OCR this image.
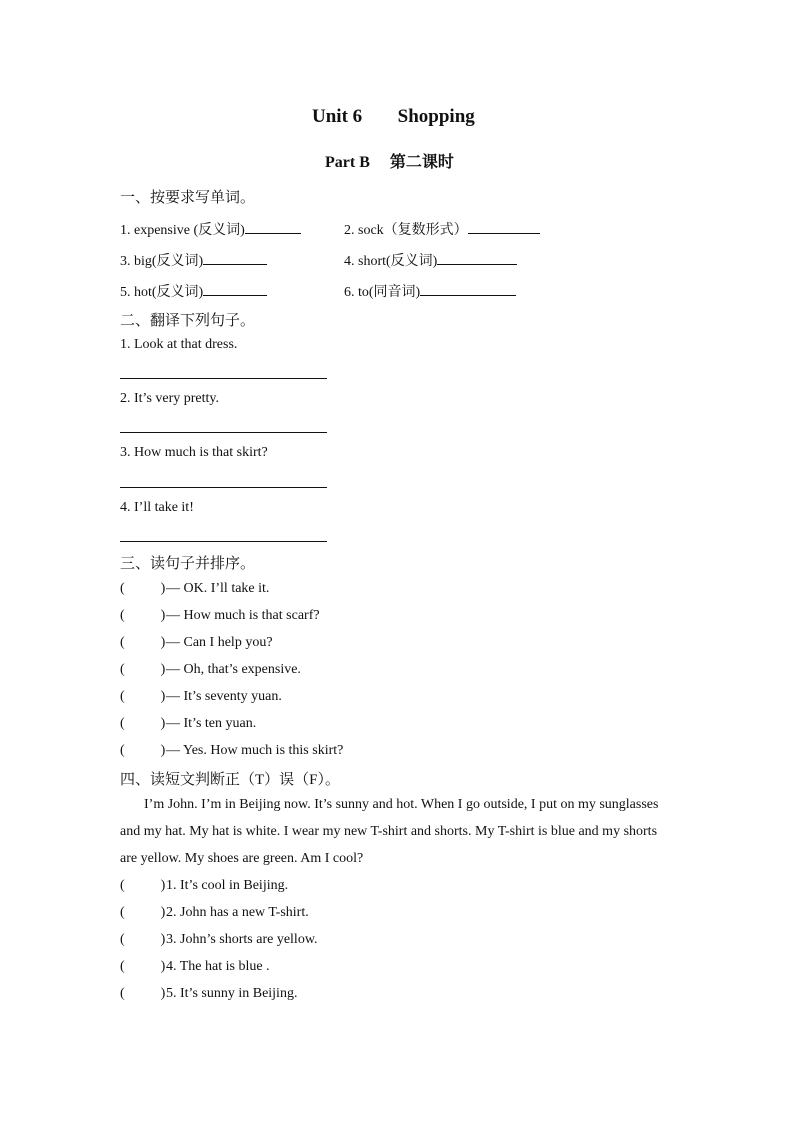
Unit 6 Shopping
Part B 第二课时
一、按要求写单词。
1. expensive (反义词)	2. sock（复数形式）
3. big(反义词)	4. short(反义词)
5. hot(反义词)	6. to(同音词)
二、翻译下列句子。
1. Look at that dress.
2. It’s very pretty.
3. How much is that skirt?
4. I’ll take it!
三、读句子并排序。
(	)— OK. I’ll take it.
(	)— How much is that scarf?
(	)— Can I help you?
(	)— Oh, that’s expensive.
(	)— It’s seventy yuan.
(	)— It’s ten yuan.
(	)— Yes. How much is this skirt?
四、读短文判断正（T）误（F）。
I’m John. I’m in Beijing now. It’s sunny and hot. When I go outside, I put on my sunglasses and my hat. My hat is white. I wear my new T-shirt and shorts. My T-shirt is blue and my shorts are yellow. My shoes are green. Am I cool?
(	)1. It’s cool in Beijing.
(	)2. John has a new T-shirt.
(	)3. John’s shorts are yellow.
(	)4. The hat is blue .
(	)5. It’s sunny in Beijing.
